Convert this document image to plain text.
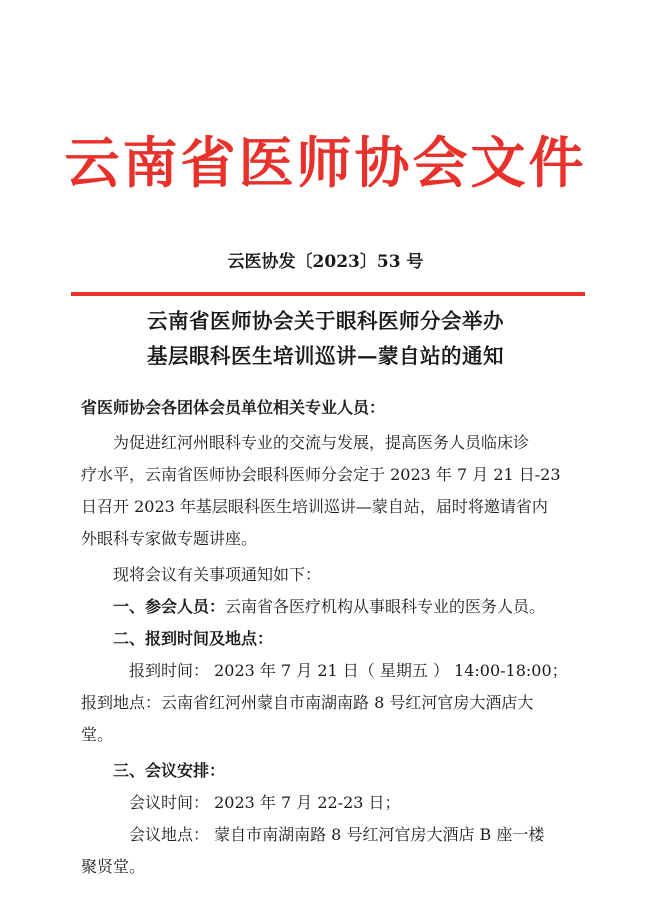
云南省医师协会文件
云医协发〔2023〕53 号
云南省医师协会关于眼科医师分会举办
基层眼科医生培训巡讲—蒙自站的通知
省医师协会各团体会员单位相关专业人员：
为促进红河州眼科专业的交流与发展，提高医务人员临床诊
疗水平，云南省医师协会眼科医师分会定于 2023 年 7 月 21 日-23
日召开 2023 年基层眼科医生培训巡讲—蒙自站，届时将邀请省内
外眼科专家做专题讲座。
现将会议有关事项通知如下：
一、参会人员：云南省各医疗机构从事眼科专业的医务人员。
二、报到时间及地点：
报到时间： 2023 年 7 月 21 日（ 星期五 ） 14:00-18:00；
报到地点：云南省红河州蒙自市南湖南路 8 号红河官房大酒店大
堂。
三、会议安排：
会议时间： 2023 年 7 月 22-23 日；
会议地点： 蒙自市南湖南路 8 号红河官房大酒店 B 座一楼
聚贤堂。
